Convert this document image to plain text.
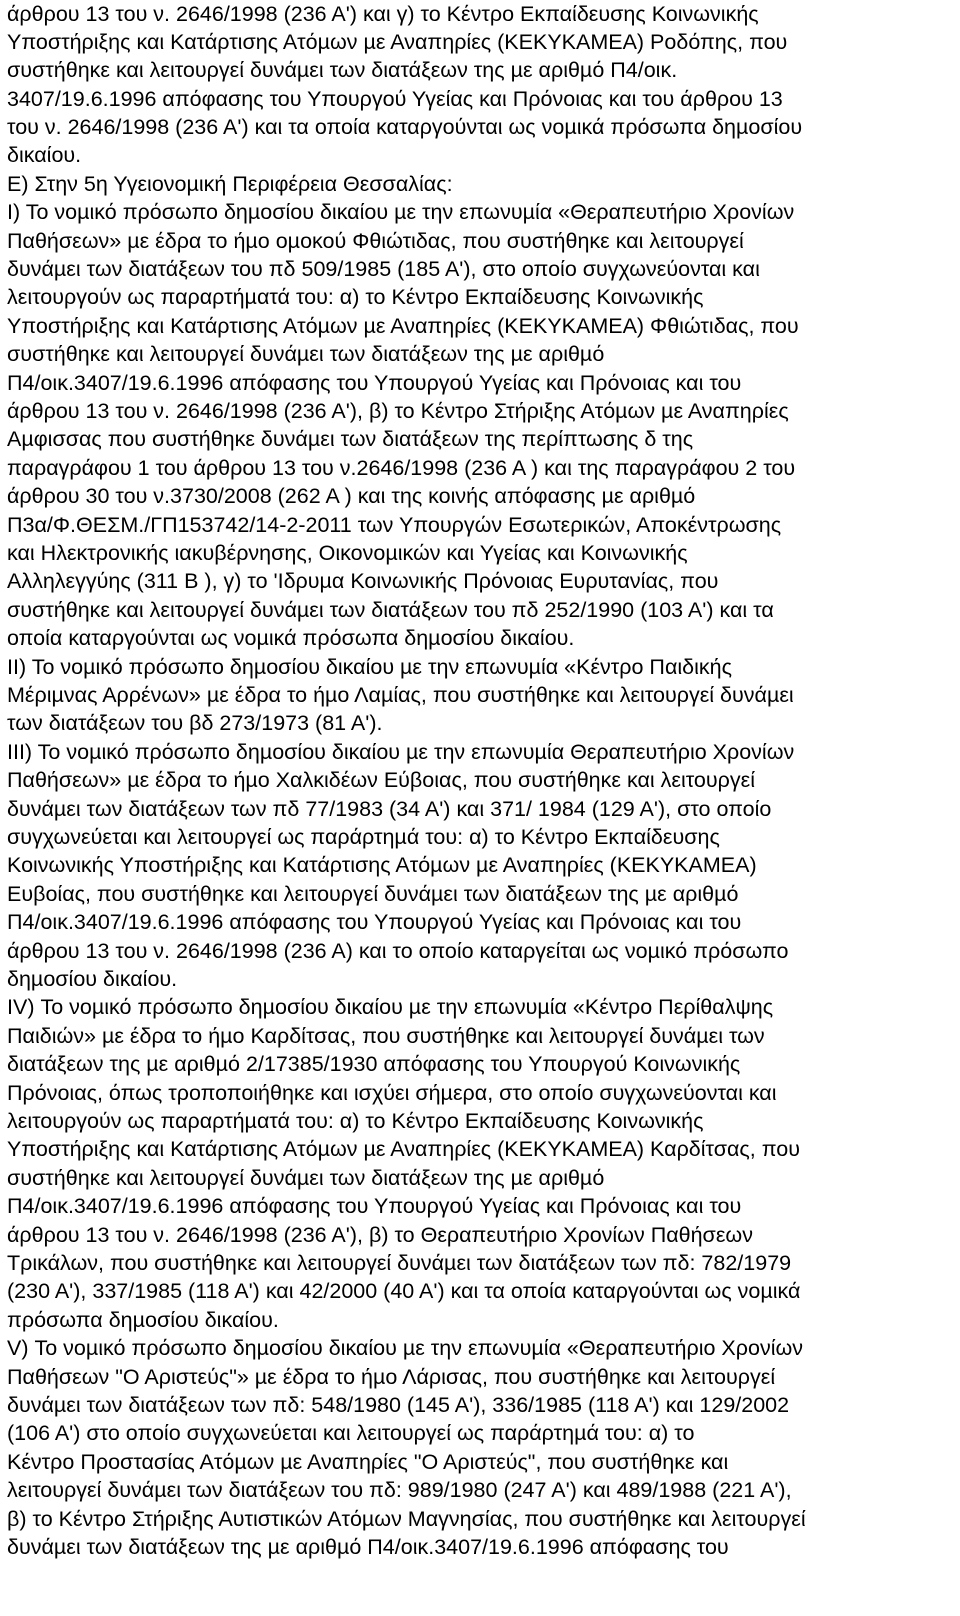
άρθρου 13 του ν. 2646/1998 (236 Α') και γ) το Κέντρο Εκπαίδευσης Κοινωνικής

Υποστήριξης και Κατάρτισης Ατόµων µε Αναπηρίες (ΚΕΚΥΚΑΜΕΑ) Ροδόπης, που

συστήθηκε και λειτουργεί δυνάµει των διατάξεων της µε αριθµό Π4/οικ.

3407/19.6.1996 απόφασης του Υπουργού Υγείας και Πρόνοιας και του άρθρου 13

του ν. 2646/1998 (236 Α') και τα οποία καταργούνται ως νοµικά πρόσωπα δηµοσίου

δικαίου.

Ε) Στην 5η Υγειονοµική Περιφέρεια Θεσσαλίας:

Ι) Το νοµικό πρόσωπο δηµοσίου δικαίου µε την επωνυµία «Θεραπευτήριο Χρονίων

Παθήσεων» µε έδρα το ήµο οµοκού Φθιώτιδας, που συστήθηκε και λειτουργεί

δυνάµει των διατάξεων του πδ 509/1985 (185 Α'), στο οποίο συγχωνεύονται και

λειτουργούν ως παραρτήµατά του: α) το Κέντρο Εκπαίδευσης Κοινωνικής

Υποστήριξης και Κατάρτισης Ατόµων µε Αναπηρίες (ΚΕΚΥΚΑΜΕΑ) Φθιώτιδας, που

συστήθηκε και λειτουργεί δυνάµει των διατάξεων της µε αριθµό

Π4/οικ.3407/19.6.1996 απόφασης του Υπουργού Υγείας και Πρόνοιας και του

άρθρου 13 του ν. 2646/1998 (236 Α'), β) το Κέντρο Στήριξης Ατόµων µε Αναπηρίες

Αµφισσας που συστήθηκε δυνάµει των διατάξεων της περίπτωσης δ της

παραγράφου 1 του άρθρου 13 του ν.2646/1998 (236 Α ) και της παραγράφου 2 του

άρθρου 30 του ν.3730/2008 (262 Α ) και της κοινής απόφασης µε αριθµό

Π3α/Φ.ΘΕΣΜ./ΓΠ153742/14-2-2011 των Υπουργών Εσωτερικών, Αποκέντρωσης

και Ηλεκτρονικής ιακυβέρνησης, Οικονοµικών και Υγείας και Κοινωνικής

Αλληλεγγύης (311 Β ), γ) το 'Ιδρυµα Κοινωνικής Πρόνοιας Ευρυτανίας, που

συστήθηκε και λειτουργεί δυνάµει των διατάξεων του πδ 252/1990 (103 Α') και τα

οποία καταργούνται ως νοµικά πρόσωπα δηµοσίου δικαίου.

ΙΙ) Το νοµικό πρόσωπο δηµοσίου δικαίου µε την επωνυµία «Κέντρο Παιδικής

Μέριµνας Αρρένων» µε έδρα το ήµο Λαµίας, που συστήθηκε και λειτουργεί δυνάµει

των διατάξεων του βδ 273/1973 (81 Α').

ΙΙΙ) Το νοµικό πρόσωπο δηµοσίου δικαίου µε την επωνυµία Θεραπευτήριο Χρονίων

Παθήσεων» µε έδρα το ήµο Χαλκιδέων Εύβοιας, που συστήθηκε και λειτουργεί

δυνάµει των διατάξεων των πδ 77/1983 (34 Α') και 371/ 1984 (129 Α'), στο οποίο

συγχωνεύεται και λειτουργεί ως παράρτηµά του: α) το Κέντρο Εκπαίδευσης

Κοινωνικής Υποστήριξης και Κατάρτισης Ατόµων µε Αναπηρίες (ΚΕΚΥΚΑΜΕΑ)

Ευβοίας, που συστήθηκε και λειτουργεί δυνάµει των διατάξεων της µε αριθµό

Π4/οικ.3407/19.6.1996 απόφασης του Υπουργού Υγείας και Πρόνοιας και του

άρθρου 13 του ν. 2646/1998 (236 Α) και το οποίο καταργείται ως νοµικό πρόσωπο

δηµοσίου δικαίου.

ΙV) Το νοµικό πρόσωπο δηµοσίου δικαίου µε την επωνυµία «Κέντρο Περίθαλψης

Παιδιών» µε έδρα το ήµο Καρδίτσας, που συστήθηκε και λειτουργεί δυνάµει των

διατάξεων της µε αριθµό 2/17385/1930 απόφασης του Υπουργού Κοινωνικής

Πρόνοιας, όπως τροποποιήθηκε και ισχύει σήµερα, στο οποίο συγχωνεύονται και

λειτουργούν ως παραρτήµατά του: α) το Κέντρο Εκπαίδευσης Κοινωνικής

Υποστήριξης και Κατάρτισης Ατόµων µε Αναπηρίες (ΚΕΚΥΚΑΜΕΑ) Καρδίτσας, που

συστήθηκε και λειτουργεί δυνάµει των διατάξεων της µε αριθµό

Π4/οικ.3407/19.6.1996 απόφασης του Υπουργού Υγείας και Πρόνοιας και του

άρθρου 13 του ν. 2646/1998 (236 Α'), β) το Θεραπευτήριο Χρονίων Παθήσεων

Τρικάλων, που συστήθηκε και λειτουργεί δυνάµει των διατάξεων των πδ: 782/1979

(230 Α'), 337/1985 (118 Α') και 42/2000 (40 Α') και τα οποία καταργούνται ως νοµικά

πρόσωπα δηµοσίου δικαίου.

V) Το νοµικό πρόσωπο δηµοσίου δικαίου µε την επωνυµία «Θεραπευτήριο Χρονίων

Παθήσεων "Ο Αριστεύς"» µε έδρα το ήµο Λάρισας, που συστήθηκε και λειτουργεί

δυνάµει των διατάξεων των πδ: 548/1980 (145 Α'), 336/1985 (118 Α') και 129/2002

(106 Α') στο οποίο συγχωνεύεται και λειτουργεί ως παράρτηµά του: α) το

Κέντρο Προστασίας Ατόµων µε Αναπηρίες "Ο Αριστεύς", που συστήθηκε και

λειτουργεί δυνάµει των διατάξεων του πδ: 989/1980 (247 Α') και 489/1988 (221 Α'),

β) το Κέντρο Στήριξης Αυτιστικών Ατόµων Μαγνησίας, που συστήθηκε και λειτουργεί

δυνάµει των διατάξεων της µε αριθµό Π4/οικ.3407/19.6.1996 απόφασης του
